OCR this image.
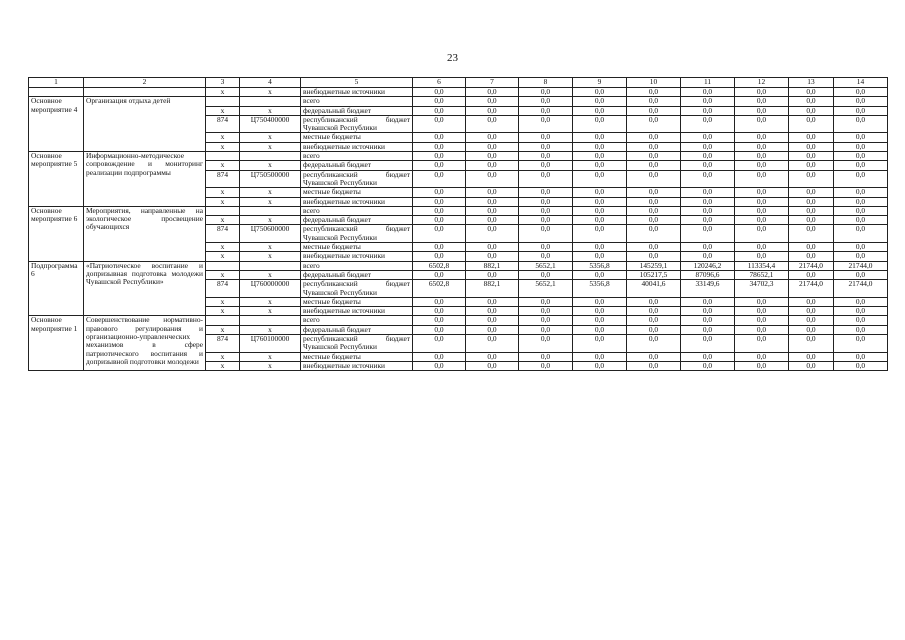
23
1	2	3	4	5	6	7	8	9	10	11	12	13	14
		х	х	внебюджетные источники	0,0	0,0	0,0	0,0	0,0	0,0	0,0	0,0	0,0
Основное мероприятие 4	Организация отдыха детей			всего	0,0	0,0	0,0	0,0	0,0	0,0	0,0	0,0	0,0
		х	х	федеральный бюджет	0,0	0,0	0,0	0,0	0,0	0,0	0,0	0,0	0,0
		874	Ц750400000	республиканский бюджет Чувашской Республики	0,0	0,0	0,0	0,0	0,0	0,0	0,0	0,0	0,0
		х	х	местные бюджеты	0,0	0,0	0,0	0,0	0,0	0,0	0,0	0,0	0,0
		х	х	внебюджетные источники	0,0	0,0	0,0	0,0	0,0	0,0	0,0	0,0	0,0
Основное мероприятие 5	Информационно-методическое сопровождение и мониторинг реализации подпрограммы			всего	0,0	0,0	0,0	0,0	0,0	0,0	0,0	0,0	0,0
		х	х	федеральный бюджет	0,0	0,0	0,0	0,0	0,0	0,0	0,0	0,0	0,0
		874	Ц750500000	республиканский бюджет Чувашской Республики	0,0	0,0	0,0	0,0	0,0	0,0	0,0	0,0	0,0
		х	х	местные бюджеты	0,0	0,0	0,0	0,0	0,0	0,0	0,0	0,0	0,0
		х	х	внебюджетные источники	0,0	0,0	0,0	0,0	0,0	0,0	0,0	0,0	0,0
Основное мероприятие 6	Мероприятия, направленные на экологическое просвещение обучающихся			всего	0,0	0,0	0,0	0,0	0,0	0,0	0,0	0,0	0,0
		х	х	федеральный бюджет	0,0	0,0	0,0	0,0	0,0	0,0	0,0	0,0	0,0
		874	Ц750600000	республиканский бюджет Чувашской Республики	0,0	0,0	0,0	0,0	0,0	0,0	0,0	0,0	0,0
		х	х	местные бюджеты	0,0	0,0	0,0	0,0	0,0	0,0	0,0	0,0	0,0
		х	х	внебюджетные источники	0,0	0,0	0,0	0,0	0,0	0,0	0,0	0,0	0,0
Подпрограмма 6	«Патриотическое воспитание и допризывная подготовка молодежи Чувашской Республики»			всего	6502,8	882,1	5652,1	5356,8	145259,1	120246,2	113354,4	21744,0	21744,0
		х	х	федеральный бюджет	0,0	0,0	0,0	0,0	105217,5	87096,6	78652,1	0,0	0,0
		874	Ц760000000	республиканский бюджет Чувашской Республики	6502,8	882,1	5652,1	5356,8	40041,6	33149,6	34702,3	21744,0	21744,0
		х	х	местные бюджеты	0,0	0,0	0,0	0,0	0,0	0,0	0,0	0,0	0,0
		х	х	внебюджетные источники	0,0	0,0	0,0	0,0	0,0	0,0	0,0	0,0	0,0
Основное мероприятие 1	Совершенствование нормативно-правового регулирования и организационно-управленческих механизмов в сфере патриотического воспитания и допризывной подготовки молодежи			всего	0,0	0,0	0,0	0,0	0,0	0,0	0,0	0,0	0,0
		х	х	федеральный бюджет	0,0	0,0	0,0	0,0	0,0	0,0	0,0	0,0	0,0
		874	Ц760100000	республиканский бюджет Чувашской Республики	0,0	0,0	0,0	0,0	0,0	0,0	0,0	0,0	0,0
		х	х	местные бюджеты	0,0	0,0	0,0	0,0	0,0	0,0	0,0	0,0	0,0
		х	х	внебюджетные источники	0,0	0,0	0,0	0,0	0,0	0,0	0,0	0,0	0,0
